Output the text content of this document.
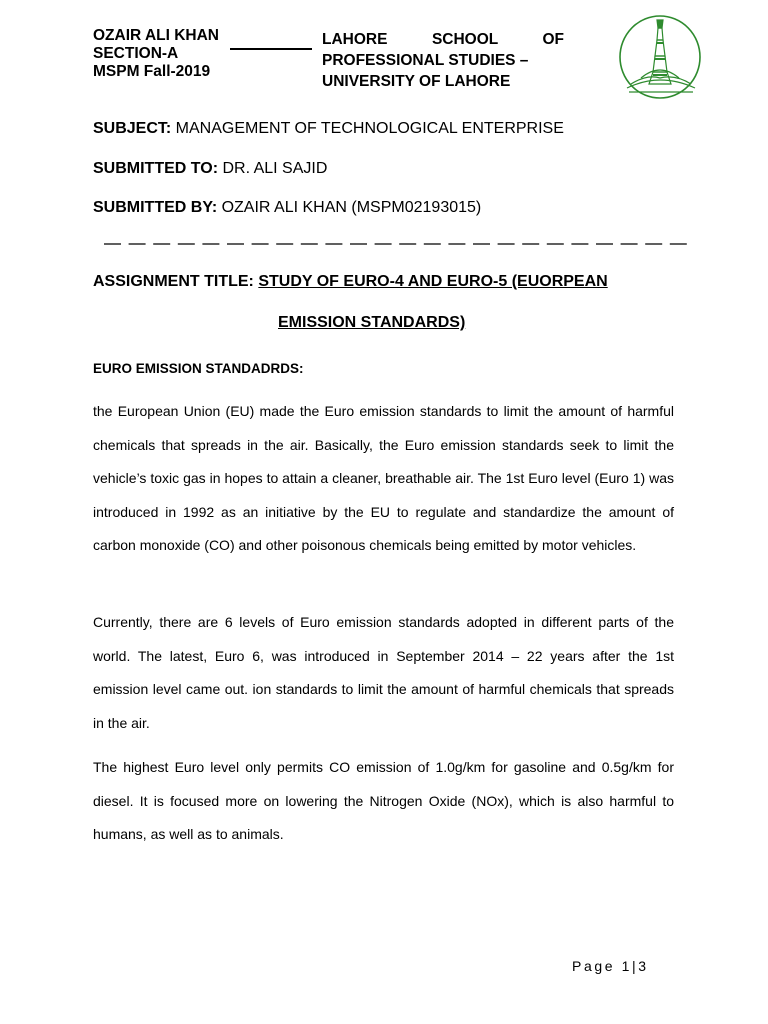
OZAIR ALI KHAN
SECTION-A
MSPM Fall-2019
LAHORE SCHOOL OF
PROFESSIONAL STUDIES –
UNIVERSITY OF LAHORE
SUBJECT: MANAGEMENT OF TECHNOLOGICAL ENTERPRISE
SUBMITTED TO: DR. ALI SAJID
SUBMITTED BY: OZAIR ALI KHAN (MSPM02193015)
ASSIGNMENT TITLE: STUDY OF EURO-4 AND EURO-5 (EUORPEAN
EMISSION STANDARDS)
EURO EMISSION STANDADRDS:
the European Union (EU) made the Euro emission standards to limit the amount of harmful chemicals that spreads in the air. Basically, the Euro emission standards seek to limit the vehicle’s toxic gas in hopes to attain a cleaner, breathable air. The 1st Euro level (Euro 1) was introduced in 1992 as an initiative by the EU to regulate and standardize the amount of carbon monoxide (CO) and other poisonous chemicals being emitted by motor vehicles.
Currently, there are 6 levels of Euro emission standards adopted in different parts of the world. The latest, Euro 6, was introduced in September 2014 – 22 years after the 1st emission level came out. ion standards to limit the amount of harmful chemicals that spreads in the air.
The highest Euro level only permits CO emission of 1.0g/km for gasoline and 0.5g/km for diesel. It is focused more on lowering the Nitrogen Oxide (NOx), which is also harmful to humans, as well as to animals.
Page 1|3
